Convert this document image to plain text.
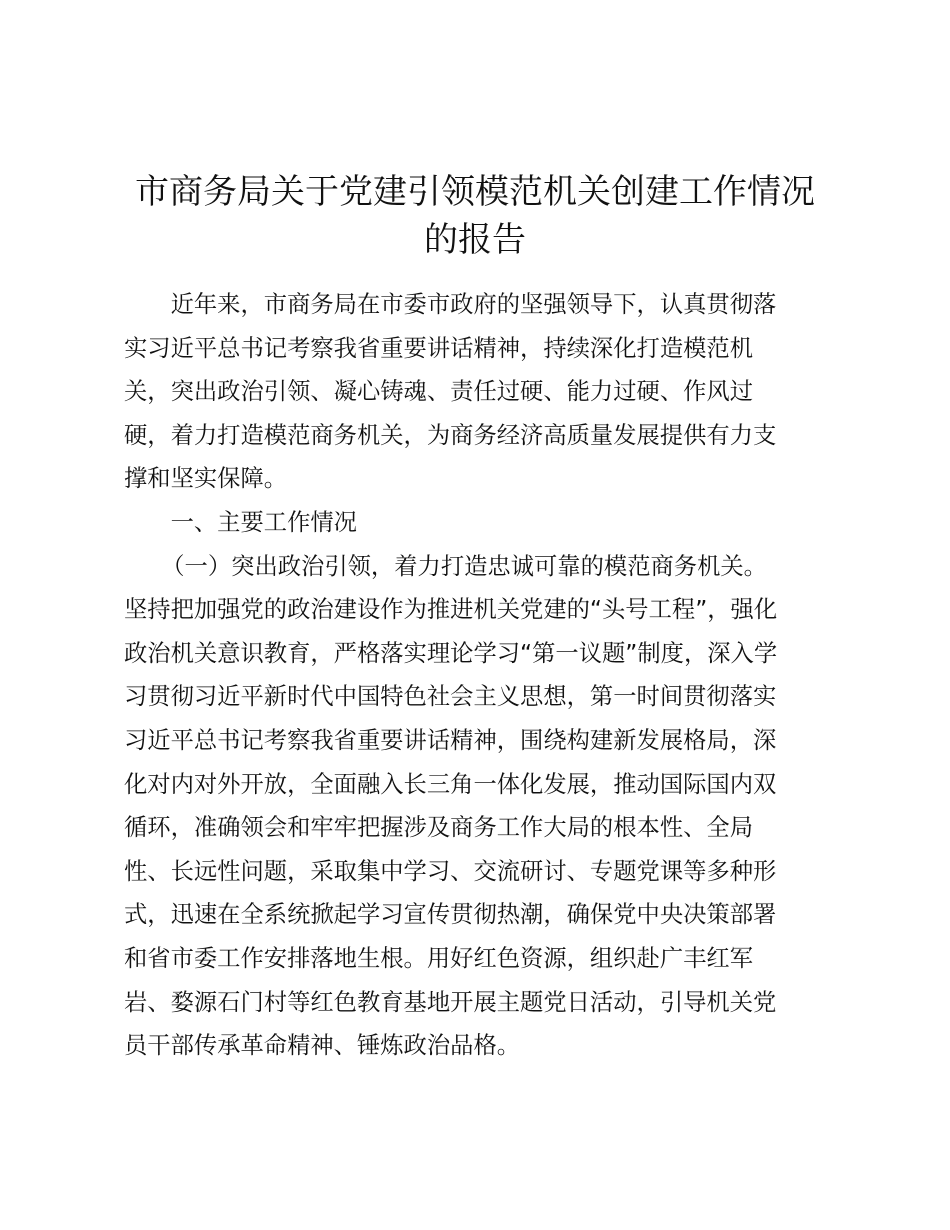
市商务局关于党建引领模范机关创建工作情况
的报告

近年来，市商务局在市委市政府的坚强领导下，认真贯彻落
实习近平总书记考察我省重要讲话精神，持续深化打造模范机
关，突出政治引领、凝心铸魂、责任过硬、能力过硬、作风过
硬，着力打造模范商务机关，为商务经济高质量发展提供有力支
撑和坚实保障。

一、主要工作情况

（一）突出政治引领，着力打造忠诚可靠的模范商务机关。
坚持把加强党的政治建设作为推进机关党建的“头号工程”，强化
政治机关意识教育，严格落实理论学习“第一议题”制度，深入学
习贯彻习近平新时代中国特色社会主义思想，第一时间贯彻落实
习近平总书记考察我省重要讲话精神，围绕构建新发展格局，深
化对内对外开放，全面融入长三角一体化发展，推动国际国内双
循环，准确领会和牢牢把握涉及商务工作大局的根本性、全局
性、长远性问题，采取集中学习、交流研讨、专题党课等多种形
式，迅速在全系统掀起学习宣传贯彻热潮，确保党中央决策部署
和省市委工作安排落地生根。用好红色资源，组织赴广丰红军
岩、婺源石门村等红色教育基地开展主题党日活动，引导机关党
员干部传承革命精神、锤炼政治品格。
